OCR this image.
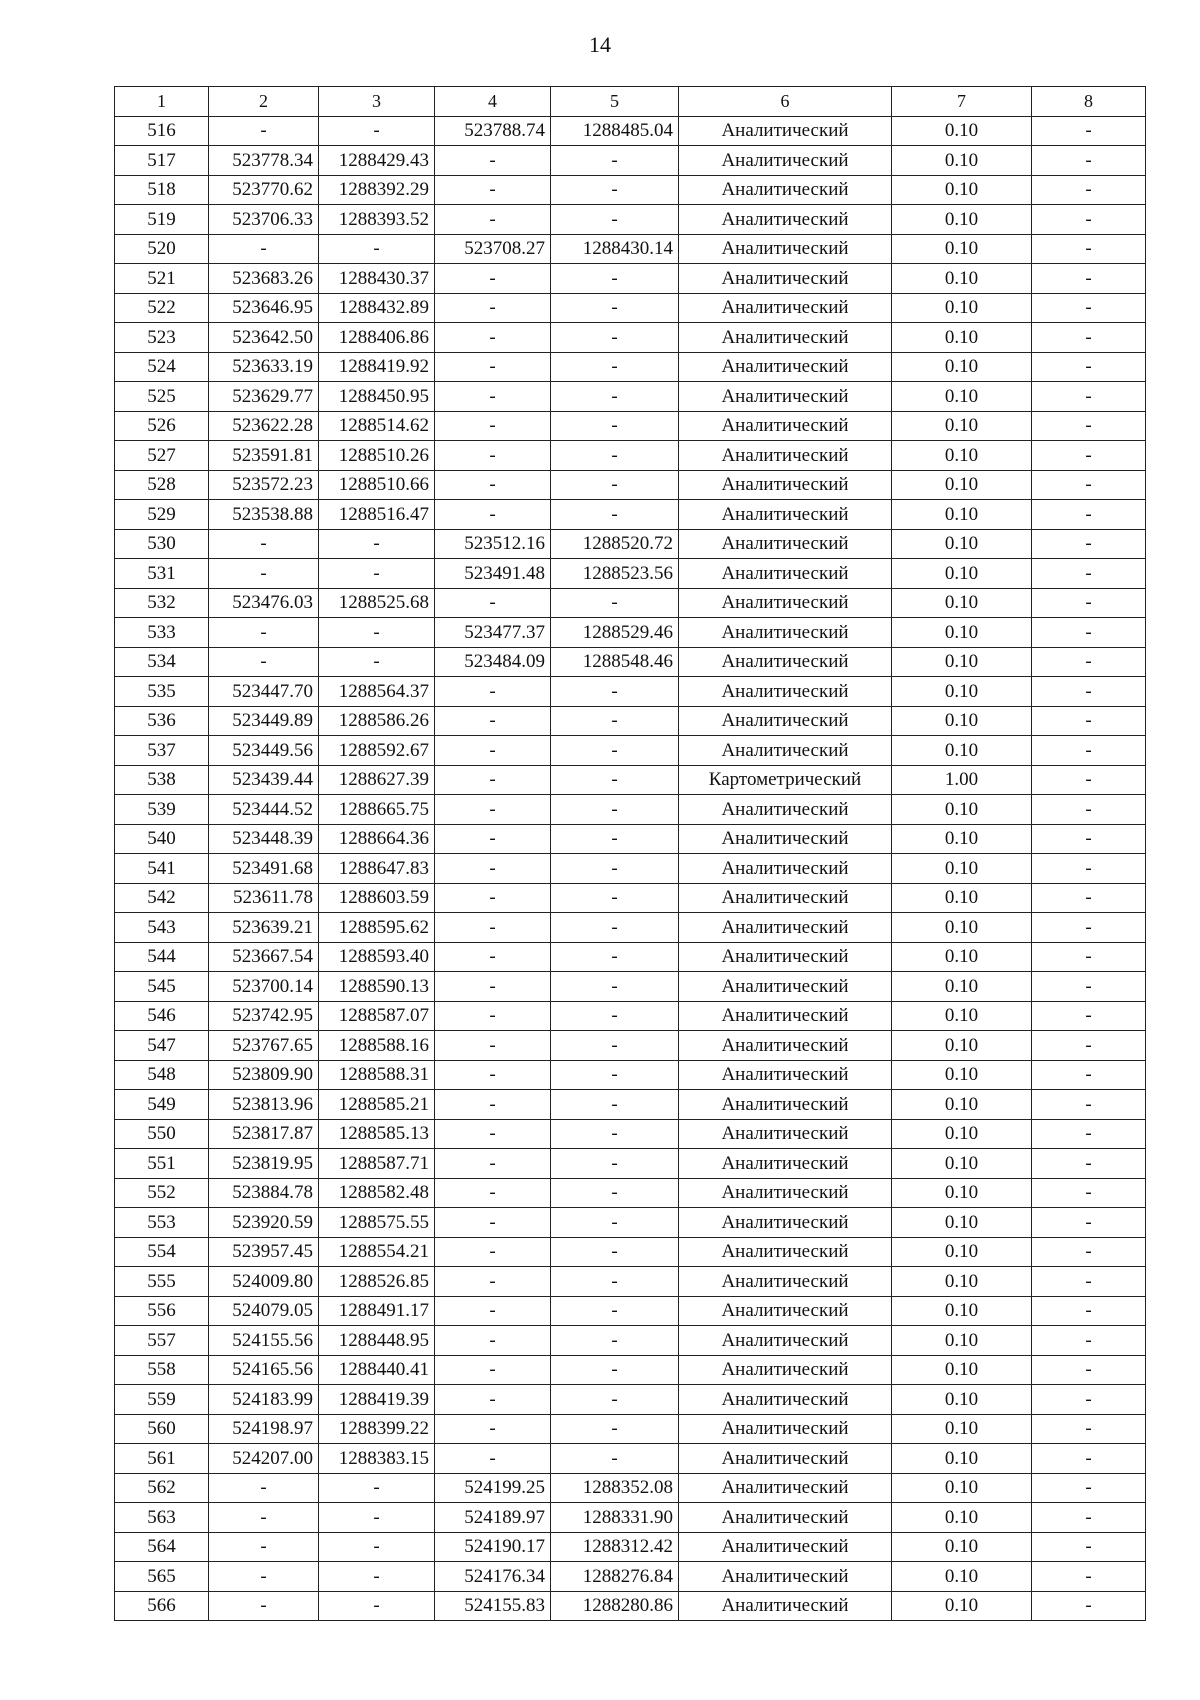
14
1	2	3	4	5	6	7	8
516	-	-	523788.74	1288485.04	Аналитический	0.10	-
517	523778.34	1288429.43	-	-	Аналитический	0.10	-
518	523770.62	1288392.29	-	-	Аналитический	0.10	-
519	523706.33	1288393.52	-	-	Аналитический	0.10	-
520	-	-	523708.27	1288430.14	Аналитический	0.10	-
521	523683.26	1288430.37	-	-	Аналитический	0.10	-
522	523646.95	1288432.89	-	-	Аналитический	0.10	-
523	523642.50	1288406.86	-	-	Аналитический	0.10	-
524	523633.19	1288419.92	-	-	Аналитический	0.10	-
525	523629.77	1288450.95	-	-	Аналитический	0.10	-
526	523622.28	1288514.62	-	-	Аналитический	0.10	-
527	523591.81	1288510.26	-	-	Аналитический	0.10	-
528	523572.23	1288510.66	-	-	Аналитический	0.10	-
529	523538.88	1288516.47	-	-	Аналитический	0.10	-
530	-	-	523512.16	1288520.72	Аналитический	0.10	-
531	-	-	523491.48	1288523.56	Аналитический	0.10	-
532	523476.03	1288525.68	-	-	Аналитический	0.10	-
533	-	-	523477.37	1288529.46	Аналитический	0.10	-
534	-	-	523484.09	1288548.46	Аналитический	0.10	-
535	523447.70	1288564.37	-	-	Аналитический	0.10	-
536	523449.89	1288586.26	-	-	Аналитический	0.10	-
537	523449.56	1288592.67	-	-	Аналитический	0.10	-
538	523439.44	1288627.39	-	-	Картометрический	1.00	-
539	523444.52	1288665.75	-	-	Аналитический	0.10	-
540	523448.39	1288664.36	-	-	Аналитический	0.10	-
541	523491.68	1288647.83	-	-	Аналитический	0.10	-
542	523611.78	1288603.59	-	-	Аналитический	0.10	-
543	523639.21	1288595.62	-	-	Аналитический	0.10	-
544	523667.54	1288593.40	-	-	Аналитический	0.10	-
545	523700.14	1288590.13	-	-	Аналитический	0.10	-
546	523742.95	1288587.07	-	-	Аналитический	0.10	-
547	523767.65	1288588.16	-	-	Аналитический	0.10	-
548	523809.90	1288588.31	-	-	Аналитический	0.10	-
549	523813.96	1288585.21	-	-	Аналитический	0.10	-
550	523817.87	1288585.13	-	-	Аналитический	0.10	-
551	523819.95	1288587.71	-	-	Аналитический	0.10	-
552	523884.78	1288582.48	-	-	Аналитический	0.10	-
553	523920.59	1288575.55	-	-	Аналитический	0.10	-
554	523957.45	1288554.21	-	-	Аналитический	0.10	-
555	524009.80	1288526.85	-	-	Аналитический	0.10	-
556	524079.05	1288491.17	-	-	Аналитический	0.10	-
557	524155.56	1288448.95	-	-	Аналитический	0.10	-
558	524165.56	1288440.41	-	-	Аналитический	0.10	-
559	524183.99	1288419.39	-	-	Аналитический	0.10	-
560	524198.97	1288399.22	-	-	Аналитический	0.10	-
561	524207.00	1288383.15	-	-	Аналитический	0.10	-
562	-	-	524199.25	1288352.08	Аналитический	0.10	-
563	-	-	524189.97	1288331.90	Аналитический	0.10	-
564	-	-	524190.17	1288312.42	Аналитический	0.10	-
565	-	-	524176.34	1288276.84	Аналитический	0.10	-
566	-	-	524155.83	1288280.86	Аналитический	0.10	-
